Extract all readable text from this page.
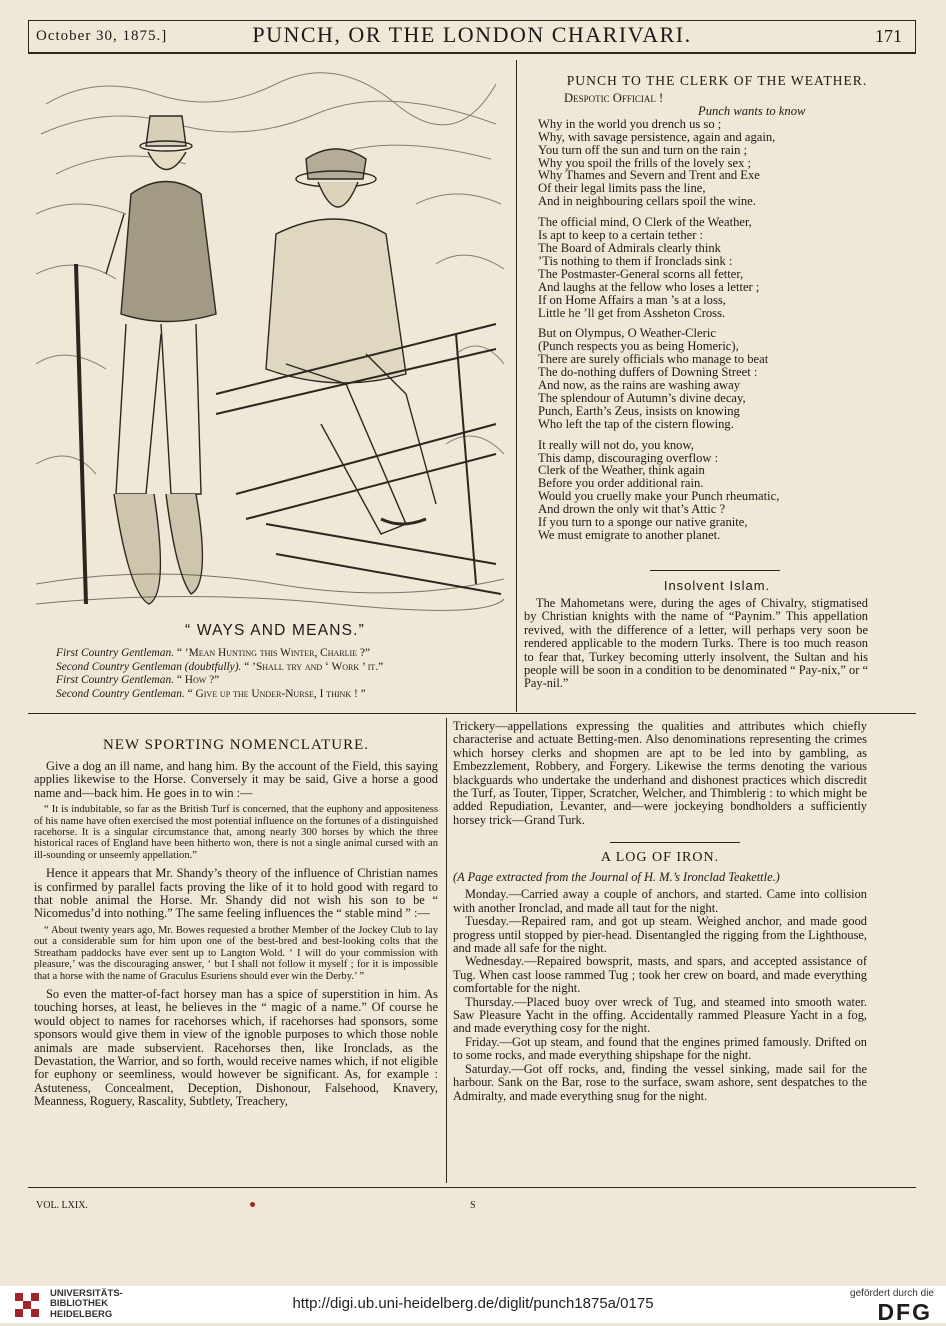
October 30, 1875.]	PUNCH, OR THE LONDON CHARIVARI.	171
“ WAYS AND MEANS.”
First Country Gentleman. “ ’Mean Hunting this Winter, Charlie ?”
Second Country Gentleman (doubtfully). “ ’Shall try and ‘ Work ’ it.”
First Country Gentleman. “ How ?”
Second Country Gentleman. “ Give up the Under-Nurse, I think ! ”
PUNCH TO THE CLERK OF THE WEATHER.
Despotic Official !
Punch wants to know
Why in the world you drench us so ;
Why, with savage persistence, again and again,
You turn off the sun and turn on the rain ;
Why you spoil the frills of the lovely sex ;
Why Thames and Severn and Trent and Exe
Of their legal limits pass the line,
And in neighbouring cellars spoil the wine.
The official mind, O Clerk of the Weather,
Is apt to keep to a certain tether :
The Board of Admirals clearly think
’Tis nothing to them if Ironclads sink :
The Postmaster-General scorns all fetter,
And laughs at the fellow who loses a letter ;
If on Home Affairs a man ’s at a loss,
Little he ’ll get from Assheton Cross.
But on Olympus, O Weather-Cleric
(Punch respects you as being Homeric),
There are surely officials who manage to beat
The do-nothing duffers of Downing Street :
And now, as the rains are washing away
The splendour of Autumn’s divine decay,
Punch, Earth’s Zeus, insists on knowing
Who left the tap of the cistern flowing.
It really will not do, you know,
This damp, discouraging overflow :
Clerk of the Weather, think again
Before you order additional rain.
Would you cruelly make your Punch rheumatic,
And drown the only wit that’s Attic ?
If you turn to a sponge our native granite,
We must emigrate to another planet.
Insolvent Islam.

The Mahometans were, during the ages of Chivalry, stigmatised by Christian knights with the name of “Paynim.” This appellation revived, with the difference of a letter, will perhaps very soon be rendered applicable to the modern Turks. There is too much reason to fear that, Turkey becoming utterly insolvent, the Sultan and his people will be soon in a condition to be denominated “ Pay-nix,” or “ Pay-nil.”

NEW SPORTING NOMENCLATURE.

Give a dog an ill name, and hang him. By the account of the Field, this saying applies likewise to the Horse. Conversely it may be said, Give a horse a good name and—back him. He goes in to win :—

“ It is indubitable, so far as the British Turf is concerned, that the euphony and appositeness of his name have often exercised the most potential influence on the fortunes of a distinguished racehorse. It is a singular circumstance that, among nearly 300 horses by which the three historical races of England have been hitherto won, there is not a single animal cursed with an ill-sounding or unseemly appellation.”

Hence it appears that Mr. Shandy’s theory of the influence of Christian names is confirmed by parallel facts proving the like of it to hold good with regard to that noble animal the Horse. Mr. Shandy did not wish his son to be “ Nicomedus’d into nothing.” The same feeling influences the “ stable mind ” :—

“ About twenty years ago, Mr. Bowes requested a brother Member of the Jockey Club to lay out a considerable sum for him upon one of the best-bred and best-looking colts that the Streatham paddocks have ever sent up to Langton Wold. ‘ I will do your commission with pleasure,’ was the discouraging answer, ‘ but I shall not follow it myself ; for it is impossible that a horse with the name of Graculus Esuriens should ever win the Derby.’ ”

So even the matter-of-fact horsey man has a spice of superstition in him. As touching horses, at least, he believes in the “ magic of a name.” Of course he would object to names for racehorses which, if racehorses had sponsors, some sponsors would give them in view of the ignoble purposes to which those noble animals are made subservient. Racehorses then, like Ironclads, as the Devastation, the Warrior, and so forth, would receive names which, if not eligible for euphony or seemliness, would however be significant. As, for example : Astuteness, Concealment, Deception, Dishonour, Falsehood, Knavery, Meanness, Roguery, Rascality, Subtlety, Treachery,

Trickery—appellations expressing the qualities and attributes which chiefly characterise and actuate Betting-men. Also denominations representing the crimes which horsey clerks and shopmen are apt to be led into by gambling, as Embezzlement, Robbery, and Forgery. Likewise the terms denoting the various blackguards who undertake the underhand and dishonest practices which discredit the Turf, as Touter, Tipper, Scratcher, Welcher, and Thimblerig : to which might be added Repudiation, Levanter, and—were jockeying bondholders a sufficiently horsey trick—Grand Turk.

A LOG OF IRON.

(A Page extracted from the Journal of H. M.’s Ironclad Teakettle.)

Monday.—Carried away a couple of anchors, and started. Came into collision with another Ironclad, and made all taut for the night.

Tuesday.—Repaired ram, and got up steam. Weighed anchor, and made good progress until stopped by pier-head. Disentangled the rigging from the Lighthouse, and made all safe for the night.

Wednesday.—Repaired bowsprit, masts, and spars, and accepted assistance of Tug. When cast loose rammed Tug ; took her crew on board, and made everything comfortable for the night.

Thursday.—Placed buoy over wreck of Tug, and steamed into smooth water. Saw Pleasure Yacht in the offing. Accidentally rammed Pleasure Yacht in a fog, and made everything cosy for the night.

Friday.—Got up steam, and found that the engines primed famously. Drifted on to some rocks, and made everything shipshape for the night.

Saturday.—Got off rocks, and, finding the vessel sinking, made sail for the harbour. Sank on the Bar, rose to the surface, swam ashore, sent despatches to the Admiralty, and made everything snug for the night.

VOL. LXIX.	S
UNIVERSITÄTS-
BIBLIOTHEK
HEIDELBERG
http://digi.ub.uni-heidelberg.de/diglit/punch1875a/0175
gefördert durch die
DFG
